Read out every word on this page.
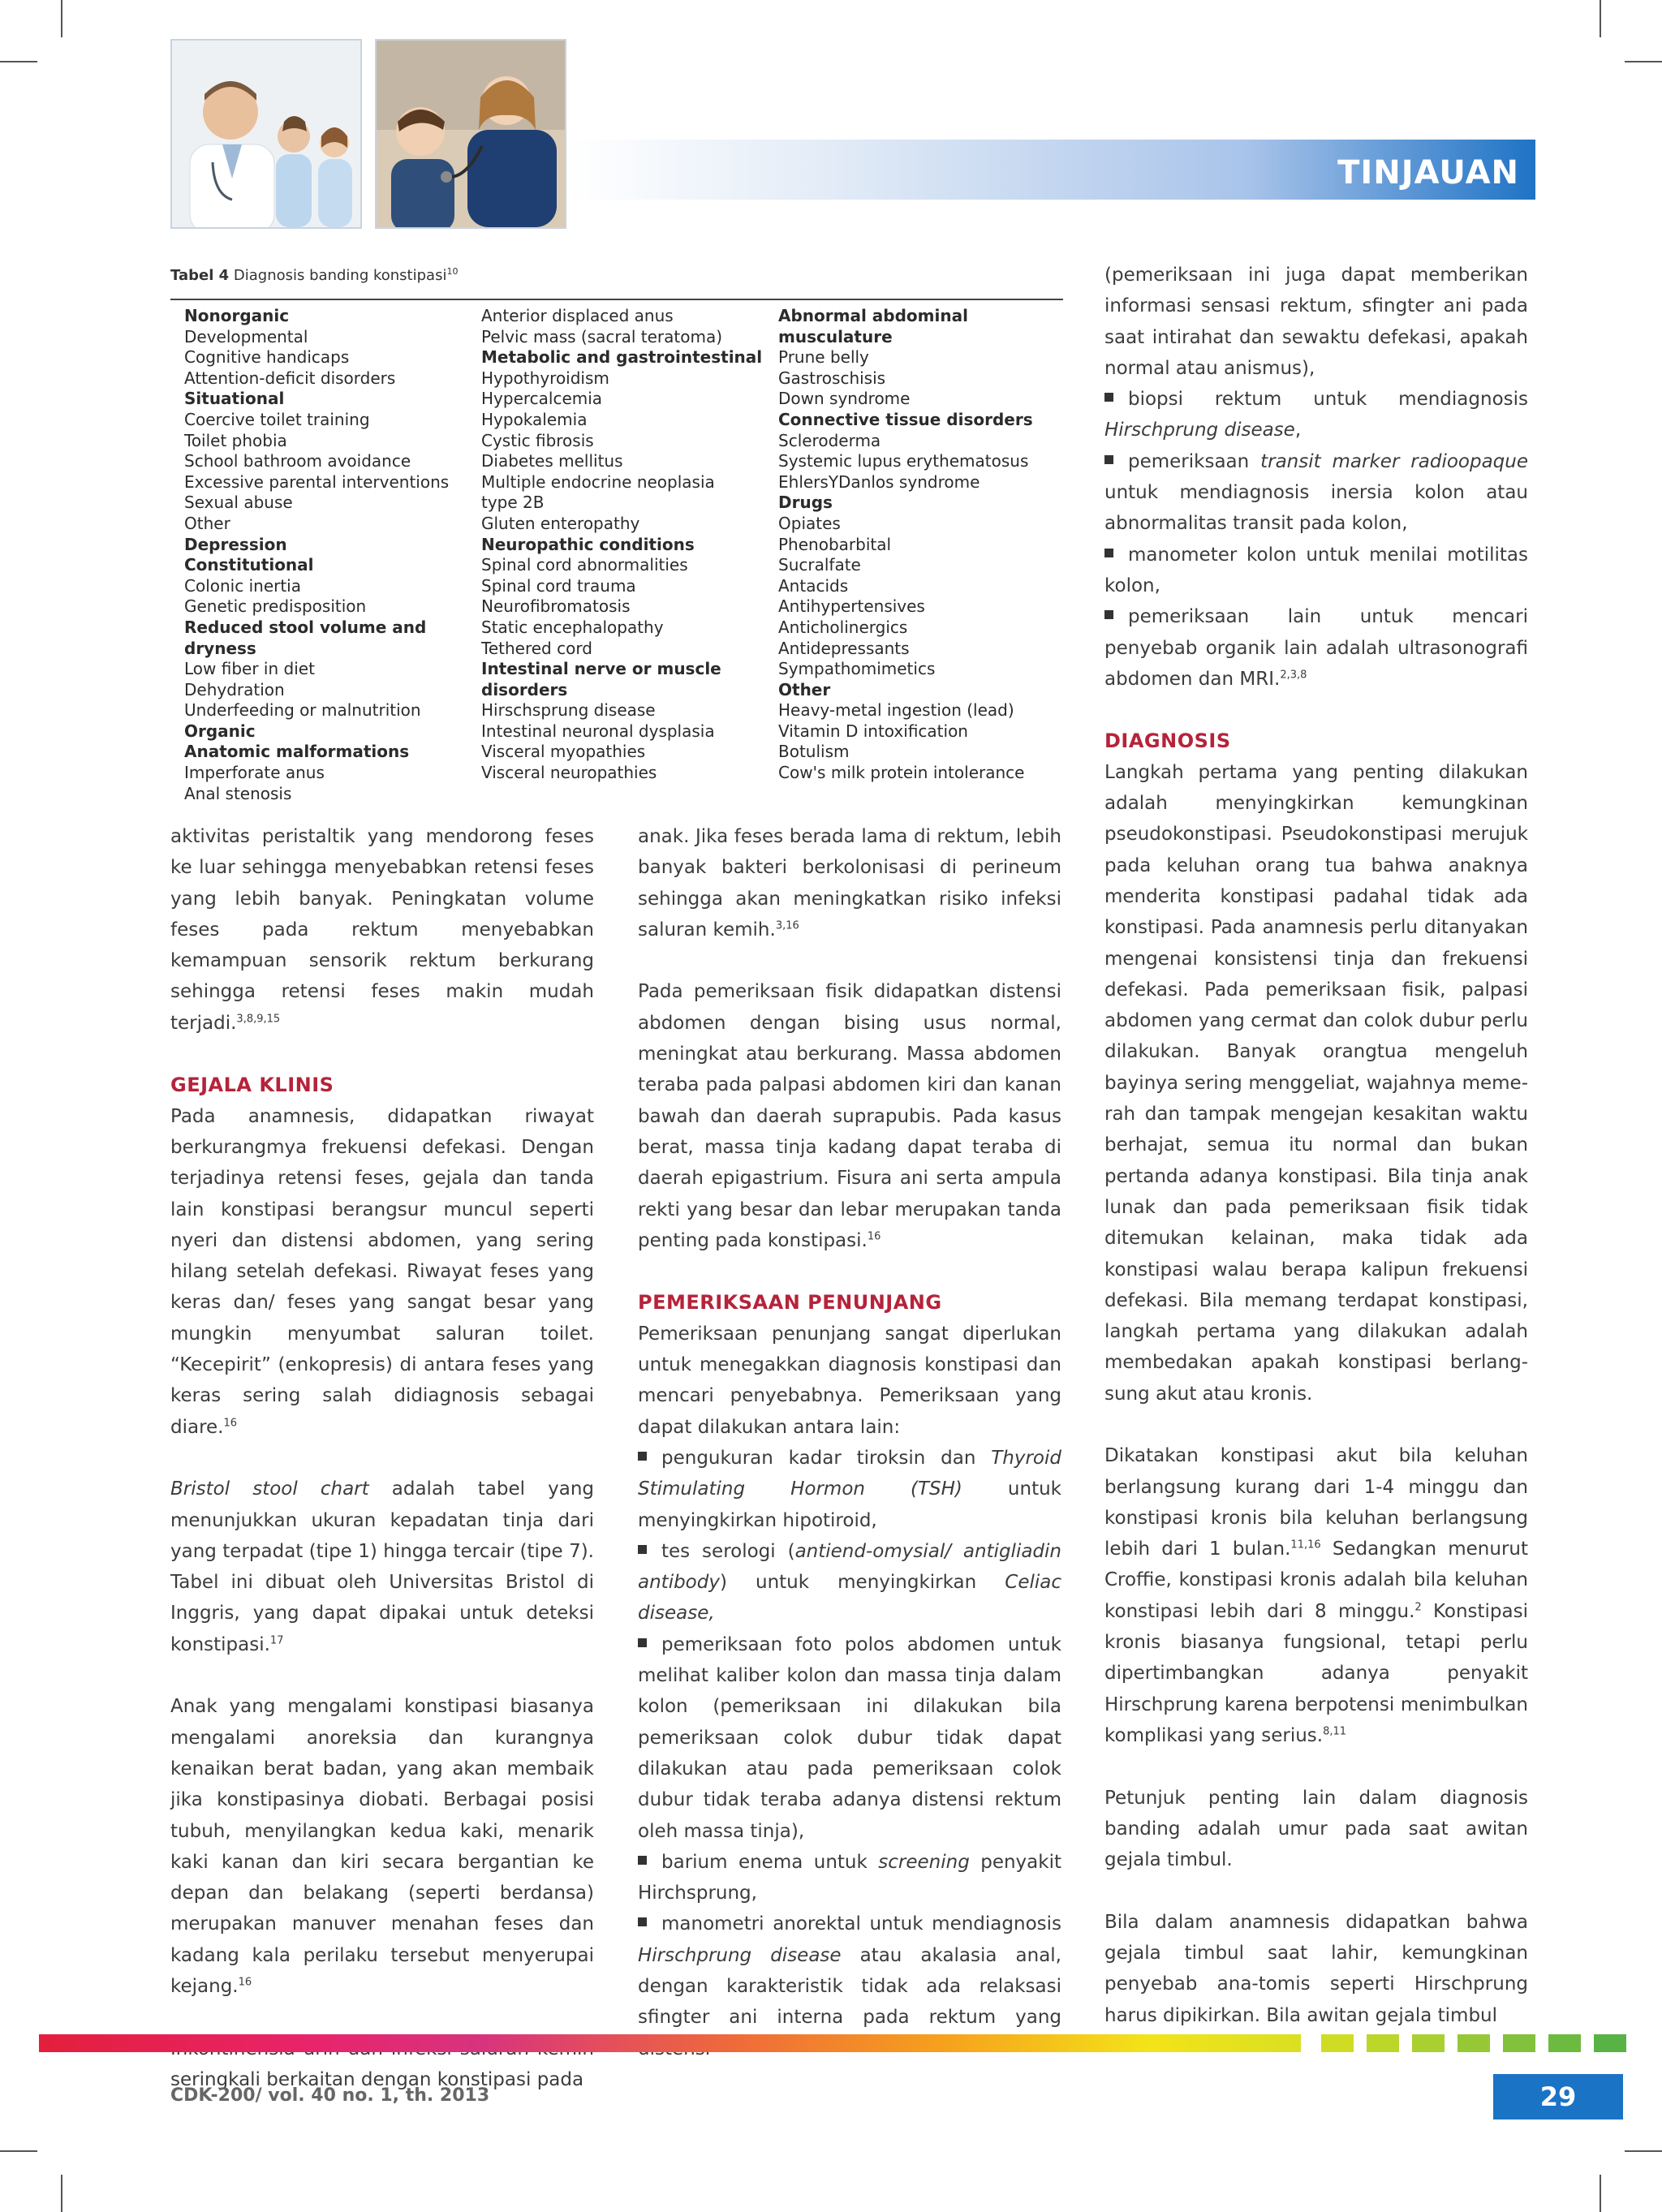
TINJAUAN PUSTAKA
Tabel 4 Diagnosis banding konstipasi$^{10}$
Nonorganic
Developmental
Cognitive handicaps
Attention-deficit disorders
Situational
Coercive toilet training
Toilet phobia
School bathroom avoidance
Excessive parental interventions
Sexual abuse
Other
Depression
Constitutional
Colonic inertia
Genetic predisposition
Reduced stool volume and
dryness
Low fiber in diet
Dehydration
Underfeeding or malnutrition
Organic
Anatomic malformations
Imperforate anus
Anal stenosis
Anterior displaced anus
Pelvic mass (sacral teratoma)
Metabolic and gastrointestinal
Hypothyroidism
Hypercalcemia
Hypokalemia
Cystic fibrosis
Diabetes mellitus
Multiple endocrine neoplasia
type 2B
Gluten enteropathy
Neuropathic conditions
Spinal cord abnormalities
Spinal cord trauma
Neurofibromatosis
Static encephalopathy
Tethered cord
Intestinal nerve or muscle
disorders
Hirschsprung disease
Intestinal neuronal dysplasia
Visceral myopathies
Visceral neuropathies
Abnormal abdominal
musculature
Prune belly
Gastroschisis
Down syndrome
Connective tissue disorders
Scleroderma
Systemic lupus erythematosus
EhlersYDanlos syndrome
Drugs
Opiates
Phenobarbital
Sucralfate
Antacids
Antihypertensives
Anticholinergics
Antidepressants
Sympathomimetics
Other
Heavy-metal ingestion (lead)
Vitamin D intoxification
Botulism
Cow's milk protein intolerance

aktivitas peristaltik yang mendorong feses ke luar sehingga menyebabkan retensi feses yang lebih banyak. Peningkatan volume feses pada rektum menyebabkan kemampuan sensorik rektum berkurang sehingga retensi feses makin mudah terjadi.$^{3,8,9,15}$

GEJALA KLINIS

Pada anamnesis, didapatkan riwayat berkurangmya frekuensi defekasi. Dengan terjadinya retensi feses, gejala dan tanda lain konstipasi berangsur muncul seperti nyeri dan distensi abdomen, yang sering hilang setelah defekasi. Riwayat feses yang keras dan/ feses yang sangat besar yang mungkin menyumbat saluran toilet. “Kecepirit” (enkopresis) di antara feses yang keras sering salah didiagnosis sebagai diare.$^{16}$

Bristol stool chart adalah tabel yang menunjukkan ukuran kepadatan tinja dari yang terpadat (tipe 1) hingga tercair (tipe 7). Tabel ini dibuat oleh Universitas Bristol di Inggris, yang dapat dipakai untuk deteksi konstipasi.$^{17}$

Anak yang mengalami konstipasi biasanya mengalami anoreksia dan kurangnya kenaikan berat badan, yang akan membaik jika konstipasinya diobati. Berbagai posisi tubuh, menyilangkan kedua kaki, menarik kaki kanan dan kiri secara bergantian ke depan dan belakang (seperti berdansa) merupakan manuver menahan feses dan kadang kala perilaku tersebut menyerupai kejang.$^{16}$

seringkali berkaitan dengan konstipasi pada

anak. Jika feses berada lama di rektum, lebih banyak bakteri berkolonisasi di perineum sehingga akan meningkatkan risiko infeksi saluran kemih.$^{3,16}$

Pada pemeriksaan fisik didapatkan distensi abdomen dengan bising usus normal, meningkat atau berkurang. Massa abdomen teraba pada palpasi abdomen kiri dan kanan bawah dan daerah suprapubis. Pada kasus berat, massa tinja kadang dapat teraba di daerah epigastrium. Fisura ani serta ampula rekti yang besar dan lebar merupakan tanda penting pada konstipasi.$^{16}$

PEMERIKSAAN PENUNJANG

Pemeriksaan penunjang sangat diperlukan untuk menegakkan diagnosis konstipasi dan mencari penyebabnya. Pemeriksaan yang dapat dilakukan antara lain:

pengukuran kadar tiroksin dan Thyroid Stimulating Hormon (TSH) untuk menyingkirkan hipotiroid,
tes serologi (antiend-omysial/ antigliadin antibody) untuk menyingkirkan Celiac disease,
pemeriksaan foto polos abdomen untuk melihat kaliber kolon dan massa tinja dalam kolon (pemeriksaan ini dilakukan bila pemeriksaan colok dubur tidak dapat dilakukan atau pada pemeriksaan colok dubur tidak teraba adanya distensi rektum oleh massa tinja),
barium enema untuk screening penyakit Hirchsprung,
manometri anorektal untuk mendiagnosis Hirschprung disease atau akalasia anal, dengan karakteristik tidak ada relaksasi sfingter ani interna pada rektum yang

(pemeriksaan ini juga dapat memberikan informasi sensasi rektum, sfingter ani pada saat intirahat dan sewaktu defekasi, apakah normal atau anismus),

biopsi rektum untuk mendiagnosis Hirschprung disease,
pemeriksaan transit marker radioopaque untuk mendiagnosis inersia kolon atau abnormalitas transit pada kolon,
manometer kolon untuk menilai motilitas kolon,
pemeriksaan lain untuk mencari penyebab organik lain adalah ultrasonografi abdomen dan MRI.$^{2,3,8}$
DIAGNOSIS

Langkah pertama yang penting dilakukan adalah menyingkirkan kemungkinan pseudokonstipasi. Pseudokonstipasi merujuk pada keluhan orang tua bahwa anaknya menderita konstipasi padahal tidak ada konstipasi. Pada anamnesis perlu ditanyakan mengenai konsistensi tinja dan frekuensi defekasi. Pada pemeriksaan fisik, palpasi abdomen yang cermat dan colok dubur perlu dilakukan. Banyak orangtua mengeluh bayinya sering menggeliat, wajahnya meme-rah dan tampak mengejan kesakitan waktu berhajat, semua itu normal dan bukan pertanda adanya konstipasi. Bila tinja anak lunak dan pada pemeriksaan fisik tidak ditemukan kelainan, maka tidak ada konstipasi walau berapa kalipun frekuensi defekasi. Bila memang terdapat konstipasi, langkah pertama yang dilakukan adalah membedakan apakah konstipasi berlang-sung akut atau kronis.

Dikatakan konstipasi akut bila keluhan berlangsung kurang dari 1-4 minggu dan konstipasi kronis bila keluhan berlangsung lebih dari 1 bulan.$^{11,16}$ Sedangkan menurut Croffie, konstipasi kronis adalah bila keluhan konstipasi lebih dari 8 minggu.$^2$ Konstipasi kronis biasanya fungsional, tetapi perlu dipertimbangkan adanya penyakit Hirschprung karena berpotensi menimbulkan komplikasi yang serius.$^{8,11}$

Petunjuk penting lain dalam diagnosis banding adalah umur pada saat awitan gejala timbul.

Bila dalam anamnesis didapatkan bahwa gejala timbul saat lahir, kemungkinan penyebab ana-tomis seperti Hirschprung harus dipikirkan. Bila awitan gejala timbul

CDK-200/ vol. 40 no. 1, th. 2013	29
